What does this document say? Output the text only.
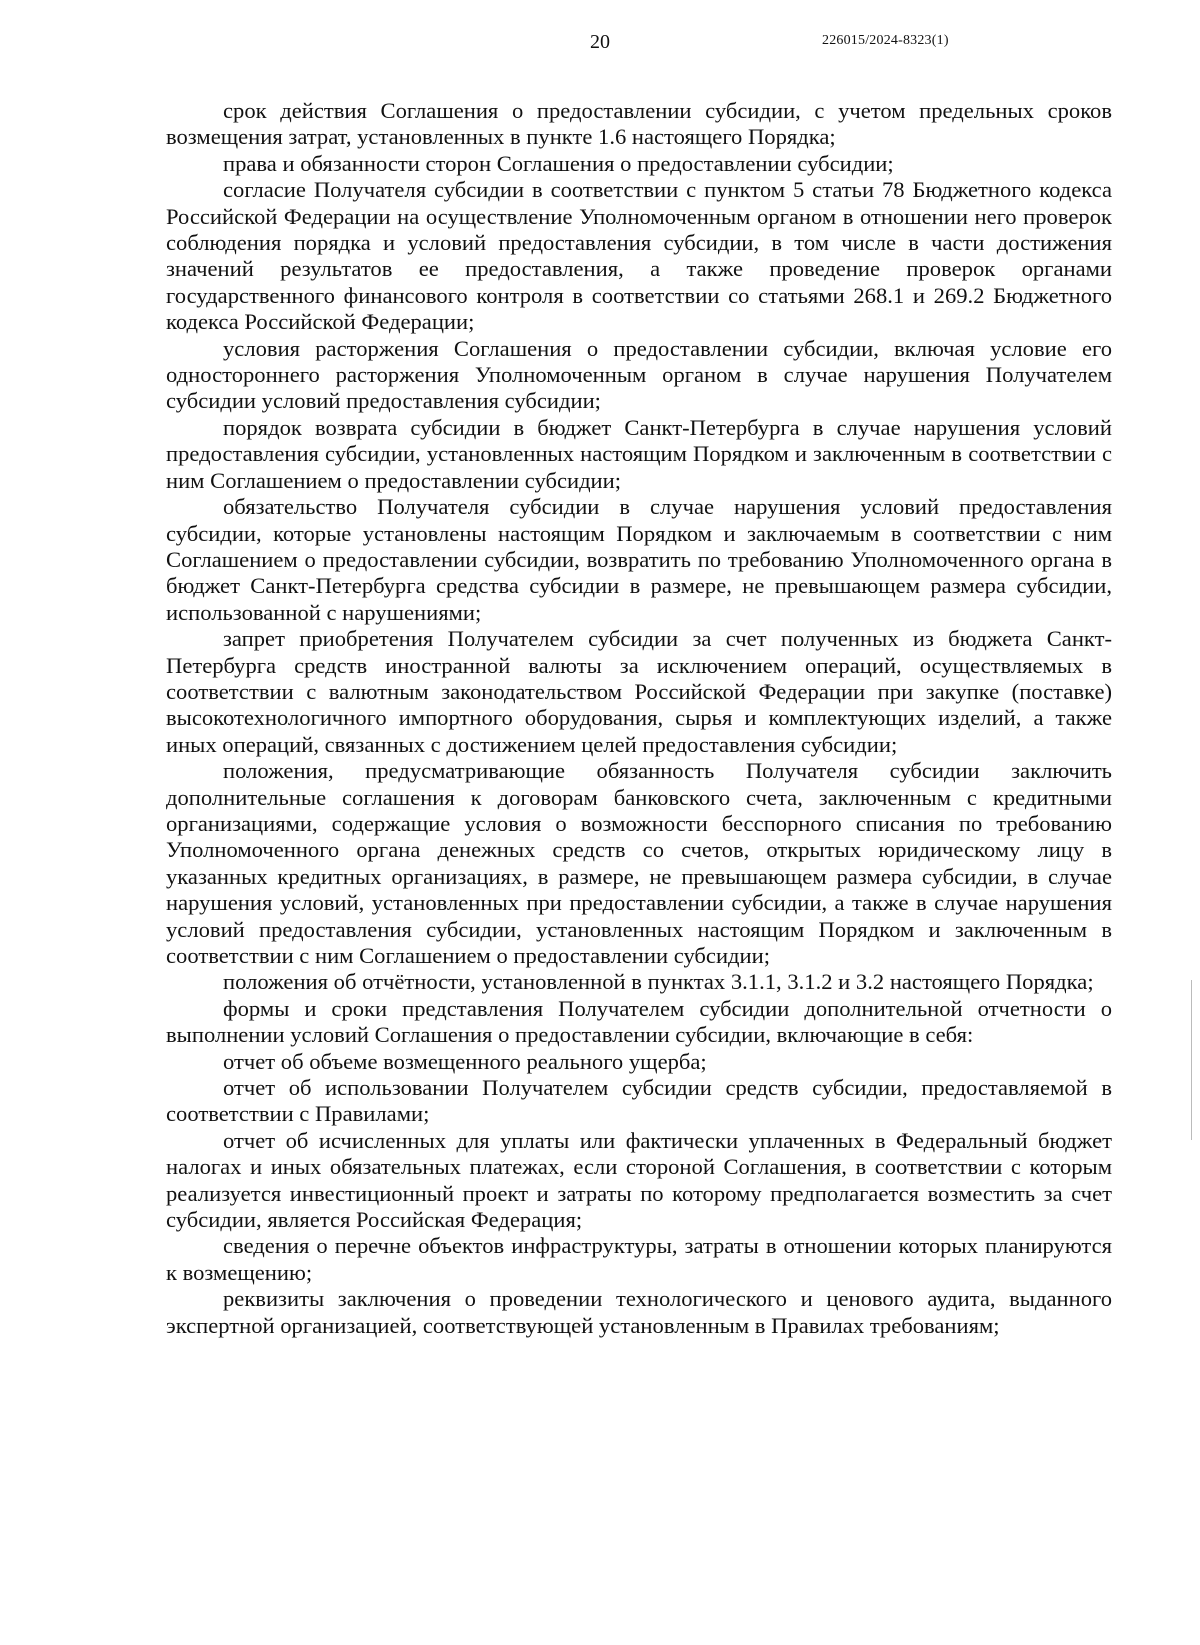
20	226015/2024-8323(1)

срок действия Соглашения о предоставлении субсидии, с учетом предельных сроков возмещения затрат, установленных в пункте 1.6 настоящего Порядка;

права и обязанности сторон Соглашения о предоставлении субсидии;

согласие Получателя субсидии в соответствии с пунктом 5 статьи 78 Бюджетного кодекса Российской Федерации на осуществление Уполномоченным органом в отношении него проверок соблюдения порядка и условий предоставления субсидии, в том числе в части достижения значений результатов ее предоставления, а также проведение проверок органами государственного финансового контроля в соответствии со статьями 268.1 и 269.2 Бюджетного кодекса Российской Федерации;

условия расторжения Соглашения о предоставлении субсидии, включая условие его одностороннего расторжения Уполномоченным органом в случае нарушения Получателем субсидии условий предоставления субсидии;

порядок возврата субсидии в бюджет Санкт-Петербурга в случае нарушения условий предоставления субсидии, установленных настоящим Порядком и заключенным в соответствии с ним Соглашением о предоставлении субсидии;

обязательство Получателя субсидии в случае нарушения условий предоставления субсидии, которые установлены настоящим Порядком и заключаемым в соответствии с ним Соглашением о предоставлении субсидии, возвратить по требованию Уполномоченного органа в бюджет Санкт-Петербурга средства субсидии в размере, не превышающем размера субсидии, использованной с нарушениями;

запрет приобретения Получателем субсидии за счет полученных из бюджета Санкт-Петербурга средств иностранной валюты за исключением операций, осуществляемых в соответствии с валютным законодательством Российской Федерации при закупке (поставке) высокотехнологичного импортного оборудования, сырья и комплектующих изделий, а также иных операций, связанных с достижением целей предоставления субсидии;

положения, предусматривающие обязанность Получателя субсидии заключить дополнительные соглашения к договорам банковского счета, заключенным с кредитными организациями, содержащие условия о возможности бесспорного списания по требованию Уполномоченного органа денежных средств со счетов, открытых юридическому лицу в указанных кредитных организациях, в размере, не превышающем размера субсидии, в случае нарушения условий, установленных при предоставлении субсидии, а также в случае нарушения условий предоставления субсидии, установленных настоящим Порядком и заключенным в соответствии с ним Соглашением о предоставлении субсидии;

положения об отчётности, установленной в пунктах 3.1.1, 3.1.2 и 3.2 настоящего Порядка;

формы и сроки представления Получателем субсидии дополнительной отчетности о выполнении условий Соглашения о предоставлении субсидии, включающие в себя:

отчет об объеме возмещенного реального ущерба;

отчет об использовании Получателем субсидии средств субсидии, предоставляемой в соответствии с Правилами;

отчет об исчисленных для уплаты или фактически уплаченных в Федеральный бюджет налогах и иных обязательных платежах, если стороной Соглашения, в соответствии с которым реализуется инвестиционный проект и затраты по которому предполагается возместить за счет субсидии, является Российская Федерация;

сведения о перечне объектов инфраструктуры, затраты в отношении которых планируются к возмещению;

реквизиты заключения о проведении технологического и ценового аудита, выданного экспертной организацией, соответствующей установленным в Правилах требованиям;
